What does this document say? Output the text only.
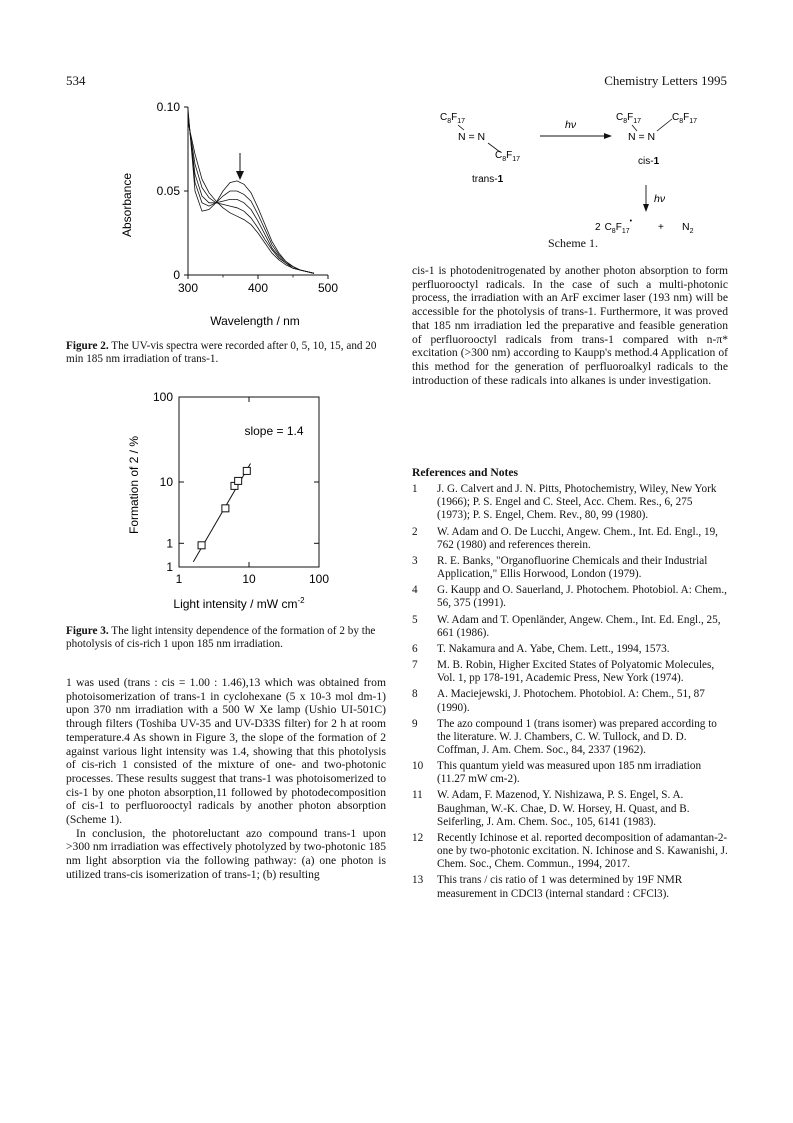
534	Chemistry Letters 1995
300	400	500
0
0.05
0.10
Wavelength / nm
Absorbance
Figure 2. The UV-vis spectra were recorded after 0, 5, 10, 15, and 20 min 185 nm irradiation of trans-1.
1	10	100
1
1
10
100
slope = 1.4
Light intensity / mW $cm^{-2}$
Formation of 2 / %
Figure 3. The light intensity dependence of the formation of 2 by the photolysis of cis-rich 1 upon 185 nm irradiation.

1 was used (trans : cis = 1.00 : 1.46),13 which was obtained from photoisomerization of trans-1 in cyclohexane (5 x 10-3 mol dm-1) upon 370 nm irradiation with a 500 W Xe lamp (Ushio UI-501C) through filters (Toshiba UV-35 and UV-D33S filter) for 2 h at room temperature.4 As shown in Figure 3, the slope of the formation of 2 against various light intensity was 1.4, showing that this photolysis of cis-rich 1 consisted of the mixture of one- and two-photonic processes. These results suggest that trans-1 was photoisomerized to cis-1 by one photon absorption,11 followed by photodecomposition of cis-1 to perfluorooctyl radicals by another photon absorption (Scheme 1).

In conclusion, the photoreluctant azo compound trans-1 upon >300 nm irradiation was effectively photolyzed by two-photonic 185 nm light absorption via the following pathway: (a) one photon is utilized trans-cis isomerization of trans-1; (b) resulting

$C_8F_{17}$
N = N
$C_8F_{17}$
trans-1
hν
$C_8F_{17}$	$C_8F_{17}$
N = N
cis-1
hν
2 $C_8F_{17}^•$
+ $N_2$
Scheme 1.

cis-1 is photodenitrogenated by another photon absorption to form perfluorooctyl radicals. In the case of such a multi-photonic process, the irradiation with an ArF excimer laser (193 nm) will be accessible for the photolysis of trans-1. Furthermore, it was proved that 185 nm irradiation led the preparative and feasible generation of perfluorooctyl radicals from trans-1 compared with n-π* excitation (>300 nm) according to Kaupp's method.4 Application of this method for the generation of perfluoroalkyl radicals to the introduction of these radicals into alkanes is under investigation.

References and Notes
1	J. G. Calvert and J. N. Pitts, Photochemistry, Wiley, New York (1966); P. S. Engel and C. Steel, Acc. Chem. Res., 6, 275 (1973); P. S. Engel, Chem. Rev., 80, 99 (1980).
2	W. Adam and O. De Lucchi, Angew. Chem., Int. Ed. Engl., 19, 762 (1980) and references therein.
3	R. E. Banks, "Organofluorine Chemicals and their Industrial Application," Ellis Horwood, London (1979).
4	G. Kaupp and O. Sauerland, J. Photochem. Photobiol. A: Chem., 56, 375 (1991).
5	W. Adam and T. Openländer, Angew. Chem., Int. Ed. Engl., 25, 661 (1986).
6	T. Nakamura and A. Yabe, Chem. Lett., 1994, 1573.
7	M. B. Robin, Higher Excited States of Polyatomic Molecules, Vol. 1, pp 178-191, Academic Press, New York (1974).
8	A. Maciejewski, J. Photochem. Photobiol. A: Chem., 51, 87 (1990).
9	The azo compound 1 (trans isomer) was prepared according to the literature. W. J. Chambers, C. W. Tullock, and D. D. Coffman, J. Am. Chem. Soc., 84, 2337 (1962).
10	This quantum yield was measured upon 185 nm irradiation (11.27 mW cm-2).
11	W. Adam, F. Mazenod, Y. Nishizawa, P. S. Engel, S. A. Baughman, W.-K. Chae, D. W. Horsey, H. Quast, and B. Seiferling, J. Am. Chem. Soc., 105, 6141 (1983).
12	Recently Ichinose et al. reported decomposition of adamantan-2-one by two-photonic excitation. N. Ichinose and S. Kawanishi, J. Chem. Soc., Chem. Commun., 1994, 2017.
13	This trans / cis ratio of 1 was determined by 19F NMR measurement in CDCl3 (internal standard : CFCl3).
